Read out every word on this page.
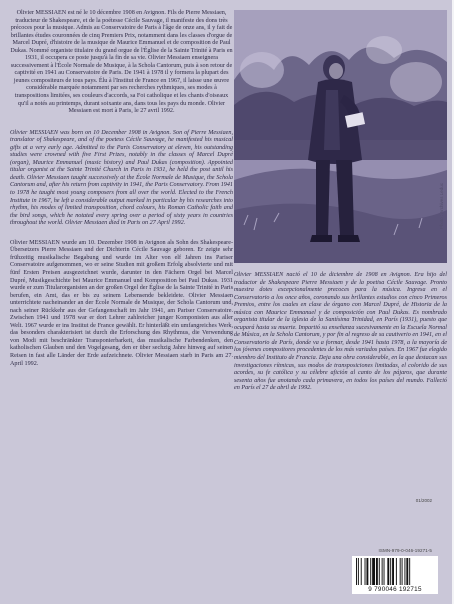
Olivier MESSIAEN est né le 10 décembre 1908 en Avignon. Fils de Pierre Messiaen, traducteur de Shakespeare, et de la poétesse Cécile Sauvage, il manifeste des dons très précoces pour la musique. Admis au Conservatoire de Paris à l'âge de onze ans, il y fait de brillantes études couronnées de cinq Premiers Prix, notamment dans les classes d'orgue de Marcel Dupré, d'histoire de la musique de Maurice Emmanuel et de composition de Paul Dukas. Nommé organiste titulaire du grand orgue de l'Église de la Sainte Trinité à Paris en 1931, il occupera ce poste jusqu'à la fin de sa vie. Olivier Messiaen enseignera successivement à l'École Normale de Musique, à la Schola Cantorum, puis à son retour de captivité en 1941 au Conservatoire de Paris. De 1941 à 1978 il y formera la plupart des jeunes compositeurs de tous pays. Élu à l'Institut de France en 1967, il laisse une œuvre considérable marquée notamment par ses recherches rythmiques, ses modes à transpositions limitées, ses couleurs d'accords, sa Foi catholique et les chants d'oiseaux qu'il a notés au printemps, durant soixante ans, dans tous les pays du monde. Olivier Messiaen est mort à Paris, le 27 avril 1992.

Olivier MESSIAEN was born on 10 December 1908 in Avignon. Son of Pierre Messiaen, translator of Shakespeare, and of the poetess Cécile Sauvage, he manifested his musical gifts at a very early age. Admitted to the Paris Conservatory at eleven, his outstanding studies were crowned with five First Prizes, notably in the classes of Marcel Dupré (organ), Maurice Emmanuel (music history) and Paul Dukas (composition). Appointed titular organist at the Sainte Trinité Church in Paris in 1931, he held the post until his death. Olivier Messiaen taught successively at the École Normale de Musique, the Schola Cantorum and, after his return from captivity in 1941, the Paris Conservatory. From 1941 to 1978 he taught most young composers from all over the world. Elected to the French Institute in 1967, he left a considerable output marked in particular by his researches into rhythm, his modes of limited transposition, chord colours, his Roman Catholic faith and the bird songs, which he notated every spring over a period of sixty years in countries throughout the world. Olivier Messiaen died in Paris on 27 April 1992.

Olivier MESSIAEN wurde am 10. Dezember 1908 in Avignon als Sohn des Shakespeare-Übersetzers Pierre Messiaen und der Dichterin Cécile Sauvage geboren. Er zeigte sehr frühzeitig musikalische Begabung und wurde im Alter von elf Jahren ins Pariser Conservatoire aufgenommen, wo er seine Studien mit großem Erfolg absolvierte und mit fünf Ersten Preisen ausgezeichnet wurde, darunter in den Fächern Orgel bei Marcel Dupré, Musikgeschichte bei Maurice Emmanuel und Komposition bei Paul Dukas. 1931 wurde er zum Titularorganisten an der großen Orgel der Église de la Sainte Trinité in Paris berufen, ein Amt, das er bis zu seinem Lebensende bekleidete. Olivier Messiaen unterrichtete nacheinander an der École Normale de Musique, der Schola Cantorum und, nach seiner Rückkehr aus der Gefangenschaft im Jahr 1941, am Pariser Conservatoire. Zwischen 1941 und 1978 war er dort Lehrer zahlreicher junger Komponisten aus aller Welt. 1967 wurde er ins Institut de France gewählt. Er hinterläßt ein umfangreiches Werk, das besonders charakterisiert ist durch die Erforschung des Rhythmus, die Verwendung von Modi mit beschränkter Transponierbarkeit, das musikalische Farbendenken, den katholischen Glauben und den Vogelgesang, den er über sechzig Jahre hinweg auf seinen Reisen in fast alle Länder der Erde aufzeichnete. Olivier Messiaen starb in Paris am 27. April 1992.

Photo : Archives Leduc

Olivier MESSIAEN nació el 10 de diciembre de 1908 en Avignon. Era hijo del traductor de Shakespeare Pierre Messiaen y de la poetisa Cécile Sauvage. Pronto muestra dotes excepcionalmente precoces para la música. Ingresa en el Conservatorio a los once años, coronando sus brillantes estudios con cinco Primeros Premios, entre los cuales en clase de órgano con Marcel Dupré, de Historia de la música con Maurice Emmanuel y de composición con Paul Dukas. Es nombrado organista titular de la iglesia de la Santísima Trinidad, en París (1931), puesto que ocupará hasta su muerte. Impartió su enseñanza sucesivamente en la Escuela Normal de Música, en la Schola Cantorum, y por fin al regreso de su cautiverio en 1941, en el Conservatorio de París, donde va a formar, desde 1941 hasta 1978, a la mayoría de los jóvenes compositores procedentes de los más variados países. En 1967 fue elegido miembro del Instituto de Francia. Deja una obra considerable, en la que destacan sus investigaciones rítmicas, sus modos de transposiciones limitadas, el colorido de sus acordes, su fe católica y su célebre afición al canto de los pájaros, que durante sesenta años fue anotando cada primavera, en todos los países del mundo. Falleció en París el 27 de abril de 1992.

01/2002
ISMN-979-0-046-19271-5
9 790046 192715
